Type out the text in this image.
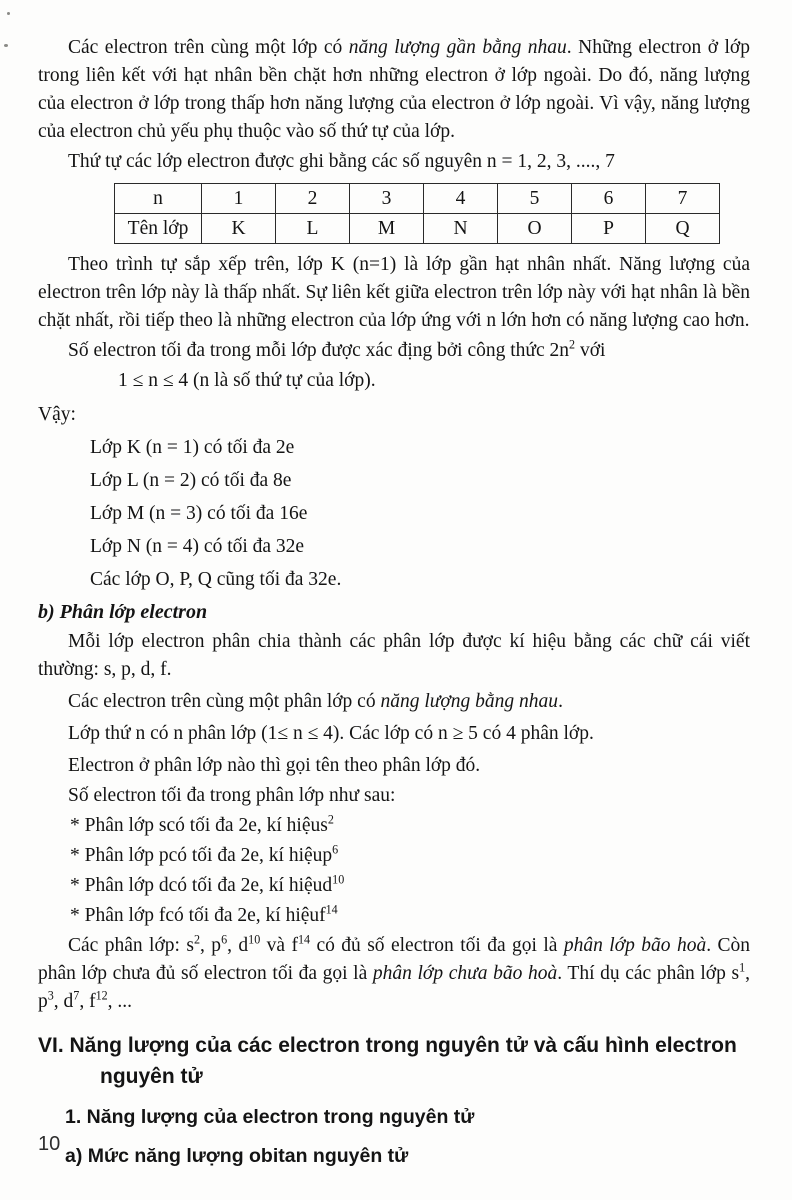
Các electron trên cùng một lớp có năng lượng gần bằng nhau. Những electron ở lớp trong liên kết với hạt nhân bền chặt hơn những electron ở lớp ngoài. Do đó, năng lượng của electron ở lớp trong thấp hơn năng lượng của electron ở lớp ngoài. Vì vậy, năng lượng của electron chủ yếu phụ thuộc vào số thứ tự của lớp.

Thứ tự các lớp electron được ghi bằng các số nguyên n = 1, 2, 3, ...., 7

n	1	2	3	4	5	6	7
Tên lớp	K	L	M	N	O	P	Q

Theo trình tự sắp xếp trên, lớp K (n=1) là lớp gần hạt nhân nhất. Năng lượng của electron trên lớp này là thấp nhất. Sự liên kết giữa electron trên lớp này với hạt nhân là bền chặt nhất, rồi tiếp theo là những electron của lớp ứng với n lớn hơn có năng lượng cao hơn.

Số electron tối đa trong mỗi lớp được xác địng bởi công thức $2n^2$ với

1 ≤ n ≤ 4 (n là số thứ tự của lớp).

Vậy:

Lớp K (n = 1) có tối đa 2e

Lớp L (n = 2) có tối đa 8e

Lớp M (n = 3) có tối đa 16e

Lớp N (n = 4) có tối đa 32e

Các lớp O, P, Q cũng tối đa 32e.

b) Phân lớp electron

Mỗi lớp electron phân chia thành các phân lớp được kí hiệu bằng các chữ cái viết thường: s, p, d, f.

Các electron trên cùng một phân lớp có năng lượng bằng nhau.

Lớp thứ n có n phân lớp (1≤ n ≤ 4). Các lớp có n ≥ 5 có 4 phân lớp.

Electron ở phân lớp nào thì gọi tên theo phân lớp đó.

Số electron tối đa trong phân lớp như sau:

* Phân lớp scó tối đa 2e, kí hiệus$^2$

* Phân lớp pcó tối đa 2e, kí hiệup$^6$

* Phân lớp dcó tối đa 2e, kí hiệud$^{10}$

* Phân lớp fcó tối đa 2e, kí hiệuf$^{14}$

Các phân lớp: $s^2$, $p^6$, $d^{10}$ và $f^{14}$ có đủ số electron tối đa gọi là phân lớp bão hoà. Còn phân lớp chưa đủ số electron tối đa gọi là phân lớp chưa bão hoà. Thí dụ các phân lớp $s^1$, $p^3$, $d^7$, $f^{12}$, ...

VI. Năng lượng của các electron trong nguyên tử và cấu hình electron
nguyên tử

1. Năng lượng của electron trong nguyên tử

a) Mức năng lượng obitan nguyên tử

10
